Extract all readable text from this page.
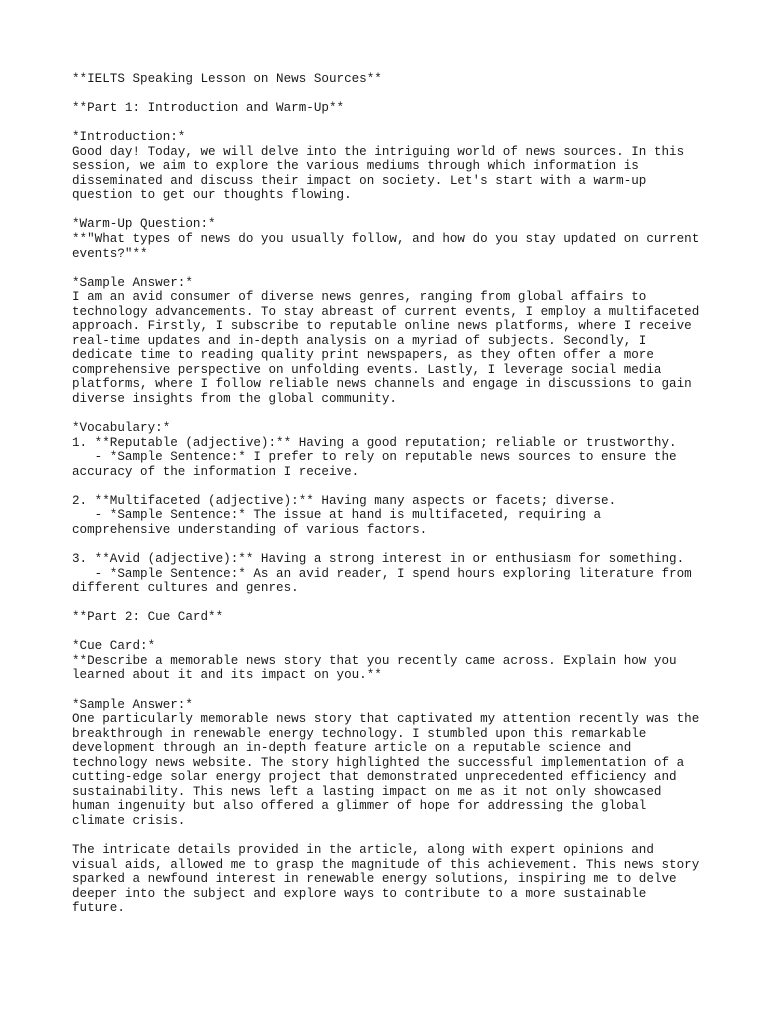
**IELTS Speaking Lesson on News Sources**
**Part 1: Introduction and Warm-Up**
*Introduction:*
Good day! Today, we will delve into the intriguing world of news sources. In this
session, we aim to explore the various mediums through which information is
disseminated and discuss their impact on society. Let's start with a warm-up
question to get our thoughts flowing.
*Warm-Up Question:*
**"What types of news do you usually follow, and how do you stay updated on current
events?"**
*Sample Answer:*
I am an avid consumer of diverse news genres, ranging from global affairs to
technology advancements. To stay abreast of current events, I employ a multifaceted
approach. Firstly, I subscribe to reputable online news platforms, where I receive
real-time updates and in-depth analysis on a myriad of subjects. Secondly, I
dedicate time to reading quality print newspapers, as they often offer a more
comprehensive perspective on unfolding events. Lastly, I leverage social media
platforms, where I follow reliable news channels and engage in discussions to gain
diverse insights from the global community.
*Vocabulary:*
1. **Reputable (adjective):** Having a good reputation; reliable or trustworthy.
- *Sample Sentence:* I prefer to rely on reputable news sources to ensure the
accuracy of the information I receive.
2. **Multifaceted (adjective):** Having many aspects or facets; diverse.
- *Sample Sentence:* The issue at hand is multifaceted, requiring a
comprehensive understanding of various factors.
3. **Avid (adjective):** Having a strong interest in or enthusiasm for something.
- *Sample Sentence:* As an avid reader, I spend hours exploring literature from
different cultures and genres.
**Part 2: Cue Card**
*Cue Card:*
**Describe a memorable news story that you recently came across. Explain how you
learned about it and its impact on you.**
*Sample Answer:*
One particularly memorable news story that captivated my attention recently was the
breakthrough in renewable energy technology. I stumbled upon this remarkable
development through an in-depth feature article on a reputable science and
technology news website. The story highlighted the successful implementation of a
cutting-edge solar energy project that demonstrated unprecedented efficiency and
sustainability. This news left a lasting impact on me as it not only showcased
human ingenuity but also offered a glimmer of hope for addressing the global
climate crisis.
The intricate details provided in the article, along with expert opinions and
visual aids, allowed me to grasp the magnitude of this achievement. This news story
sparked a newfound interest in renewable energy solutions, inspiring me to delve
deeper into the subject and explore ways to contribute to a more sustainable
future.
